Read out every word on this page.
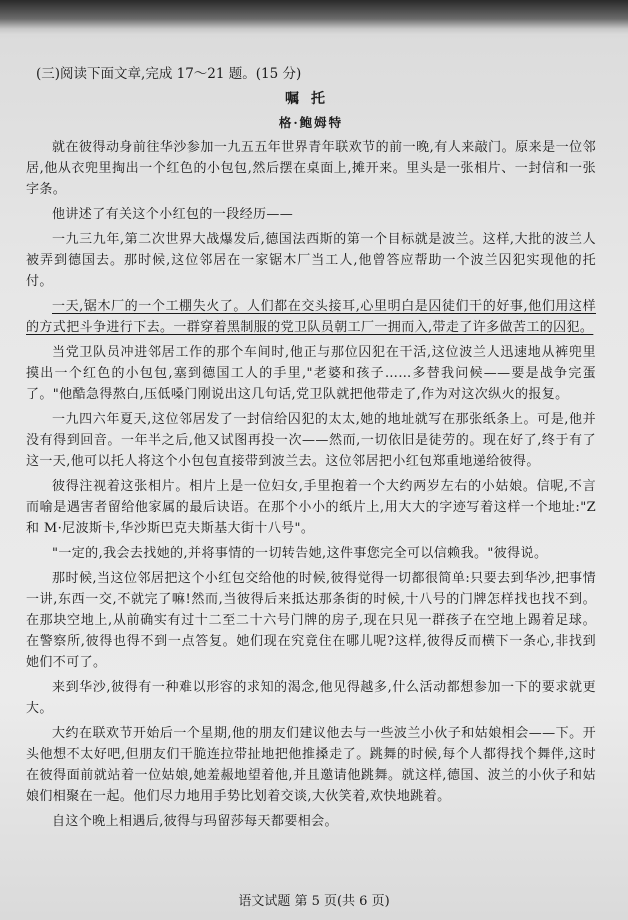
(三)阅读下面文章,完成 17～21 题。(15 分)
嘱托
格·鲍姆特

就在彼得动身前往华沙参加一九五五年世界青年联欢节的前一晚,有人来敲门。原来是一位邻居,他从衣兜里掏出一个红色的小包包,然后摆在桌面上,摊开来。里头是一张相片、一封信和一张字条。

他讲述了有关这个小红包的一段经历——

一九三九年,第二次世界大战爆发后,德国法西斯的第一个目标就是波兰。这样,大批的波兰人被弄到德国去。那时候,这位邻居在一家锯木厂当工人,他曾答应帮助一个波兰囚犯实现他的托付。

一天,锯木厂的一个工棚失火了。人们都在交头接耳,心里明白是囚徒们干的好事,他们用这样的方式把斗争进行下去。一群穿着黑制服的党卫队员朝工厂一拥而入,带走了许多做苦工的囚犯。

当党卫队员冲进邻居工作的那个车间时,他正与那位囚犯在干活,这位波兰人迅速地从裤兜里摸出一个红色的小包包,塞到德国工人的手里,"老婆和孩子……多替我问候——要是战争完蛋了。"他酷急得熬白,压低嗓门刚说出这几句话,党卫队就把他带走了,作为对这次纵火的报复。

一九四六年夏天,这位邻居发了一封信给囚犯的太太,她的地址就写在那张纸条上。可是,他并没有得到回音。一年半之后,他又试图再投一次——然而,一切依旧是徒劳的。现在好了,终于有了这一天,他可以托人将这个小包包直接带到波兰去。这位邻居把小红包郑重地递给彼得。

彼得注视着这张相片。相片上是一位妇女,手里抱着一个大约两岁左右的小姑娘。信呢,不言而喻是遇害者留给他家属的最后诀语。在那个小小的纸片上,用大大的字迹写着这样一个地址:"Z 和 M·尼波斯卡,华沙斯巴克夫斯基大街十八号"。

"一定的,我会去找她的,并将事情的一切转告她,这件事您完全可以信赖我。"彼得说。

那时候,当这位邻居把这个小红包交给他的时候,彼得觉得一切都很简单:只要去到华沙,把事情一讲,东西一交,不就完了嘛!然而,当彼得后来抵达那条街的时候,十八号的门牌怎样找也找不到。在那块空地上,从前确实有过十二至二十六号门牌的房子,现在只见一群孩子在空地上踢着足球。在警察所,彼得也得不到一点答复。她们现在究竟住在哪儿呢?这样,彼得反而横下一条心,非找到她们不可了。

来到华沙,彼得有一种难以形容的求知的渴念,他见得越多,什么活动都想参加一下的要求就更大。

大约在联欢节开始后一个星期,他的朋友们建议他去与一些波兰小伙子和姑娘相会——下。开头他想不太好吧,但朋友们干脆连拉带扯地把他推搡走了。跳舞的时候,每个人都得找个舞伴,这时在彼得面前就站着一位姑娘,她羞赧地望着他,并且邀请他跳舞。就这样,德国、波兰的小伙子和姑娘们相聚在一起。他们尽力地用手势比划着交谈,大伙笑着,欢快地跳着。

自这个晚上相遇后,彼得与玛留莎每天都要相会。

语文试题 第 5 页(共 6 页)
